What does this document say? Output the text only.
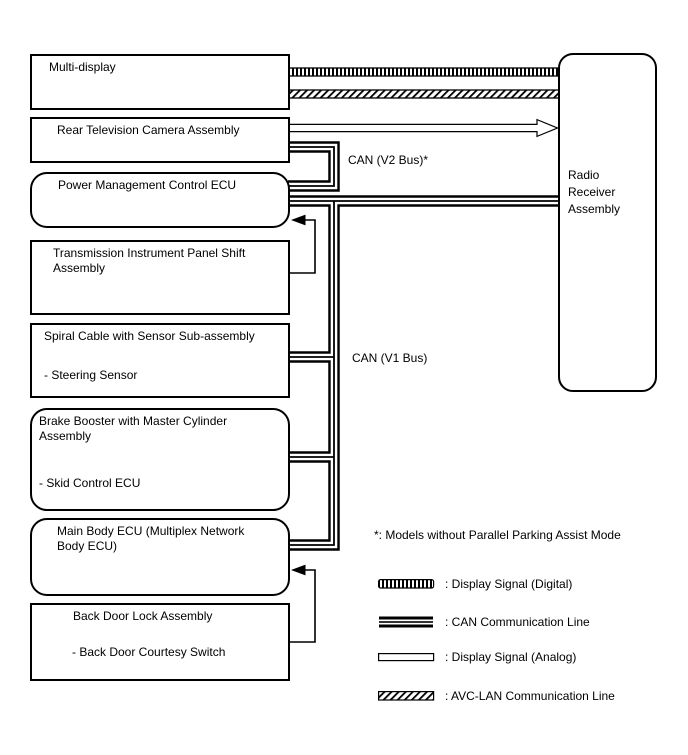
Multi-display
Rear Television Camera Assembly
Power Management Control ECU
Transmission Instrument Panel Shift Assembly
Spiral Cable with Sensor Sub-assembly
- Steering Sensor
Brake Booster with Master Cylinder Assembly
- Skid Control ECU
Main Body ECU (Multiplex Network Body ECU)
Back Door Lock Assembly
- Back Door Courtesy Switch
Radio Receiver Assembly
CAN (V2 Bus)*
CAN (V1 Bus)
*: Models without Parallel Parking Assist Mode
: Display Signal (Digital)
: CAN Communication Line
: Display Signal (Analog)
: AVC-LAN Communication Line
